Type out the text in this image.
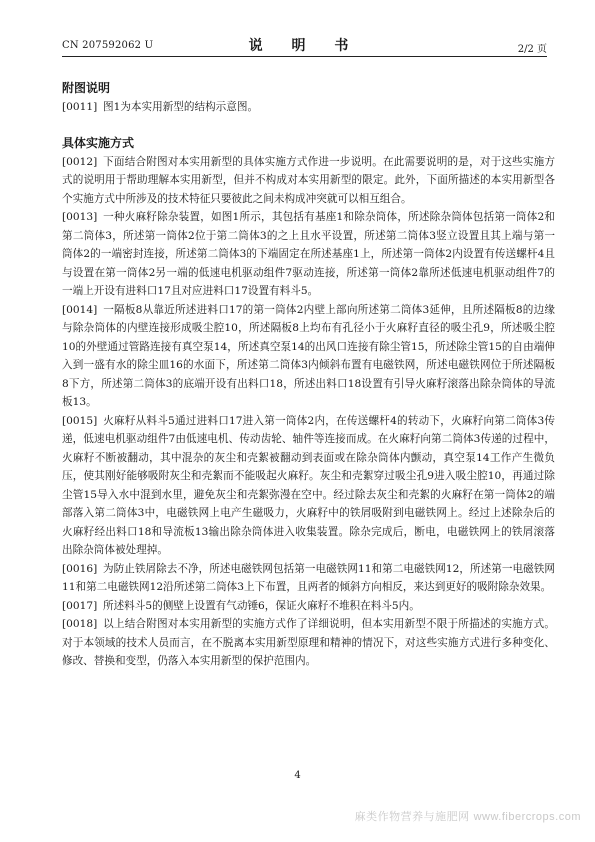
CN 207592062 U	说 明 书	2/2 页
附图说明

[0011] 图1为本实用新型的结构示意图。

具体实施方式

[0012] 下面结合附图对本实用新型的具体实施方式作进一步说明。在此需要说明的是，对于这些实施方式的说明用于帮助理解本实用新型，但并不构成对本实用新型的限定。此外，下面所描述的本实用新型各个实施方式中所涉及的技术特征只要彼此之间未构成冲突就可以相互组合。

[0013] 一种火麻籽除杂装置，如图1所示，其包括有基座1和除杂筒体，所述除杂筒体包括第一筒体2和第二筒体3，所述第一筒体2位于第二筒体3的之上且水平设置，所述第二筒体3竖立设置且其上端与第一筒体2的一端密封连接，所述第二筒体3的下端固定在所述基座1上，所述第一筒体2内设置有传送螺杆4且与设置在第一筒体2另一端的低速电机驱动组件7驱动连接，所述第一筒体2靠所述低速电机驱动组件7的一端上开设有进料口17且对应进料口17设置有料斗5。

[0014] 一隔板8从靠近所述进料口17的第一筒体2内壁上部向所述第二筒体3延伸，且所述隔板8的边缘与除杂筒体的内壁连接形成吸尘腔10，所述隔板8上均布有孔径小于火麻籽直径的吸尘孔9，所述吸尘腔10的外壁通过管路连接有真空泵14，所述真空泵14的出风口连接有除尘管15，所述除尘管15的自由端伸入到一盛有水的除尘皿16的水面下，所述第二筒体3内倾斜布置有电磁铁网，所述电磁铁网位于所述隔板8下方，所述第二筒体3的底端开设有出料口18，所述出料口18设置有引导火麻籽滚落出除杂筒体的导流板13。

[0015] 火麻籽从料斗5通过进料口17进入第一筒体2内，在传送螺杆4的转动下，火麻籽向第二筒体3传递，低速电机驱动组件7由低速电机、传动齿轮、轴件等连接而成。在火麻籽向第二筒体3传递的过程中，火麻籽不断被翻动，其中混杂的灰尘和壳絮被翻动到表面或在除杂筒体内颤动，真空泵14工作产生微负压，使其刚好能够吸附灰尘和壳絮而不能吸起火麻籽。灰尘和壳絮穿过吸尘孔9进入吸尘腔10，再通过除尘管15导入水中混到水里，避免灰尘和壳絮弥漫在空中。经过除去灰尘和壳絮的火麻籽在第一筒体2的端部落入第二筒体3中，电磁铁网上电产生磁吸力，火麻籽中的铁屑吸附到电磁铁网上。经过上述除杂后的火麻籽经出料口18和导流板13输出除杂筒体进入收集装置。除杂完成后，断电，电磁铁网上的铁屑滚落出除杂筒体被处理掉。

[0016] 为防止铁屑除去不净，所述电磁铁网包括第一电磁铁网11和第二电磁铁网12，所述第一电磁铁网11和第二电磁铁网12沿所述第二筒体3上下布置，且两者的倾斜方向相反，来达到更好的吸附除杂效果。

[0017] 所述料斗5的侧壁上设置有气动锤6，保证火麻籽不堆积在料斗5内。

[0018] 以上结合附图对本实用新型的实施方式作了详细说明，但本实用新型不限于所描述的实施方式。对于本领域的技术人员而言，在不脱离本实用新型原理和精神的情况下，对这些实施方式进行多种变化、修改、替换和变型，仍落入本实用新型的保护范围内。

4
麻类作物营养与施肥网 www.fibercrops.com
